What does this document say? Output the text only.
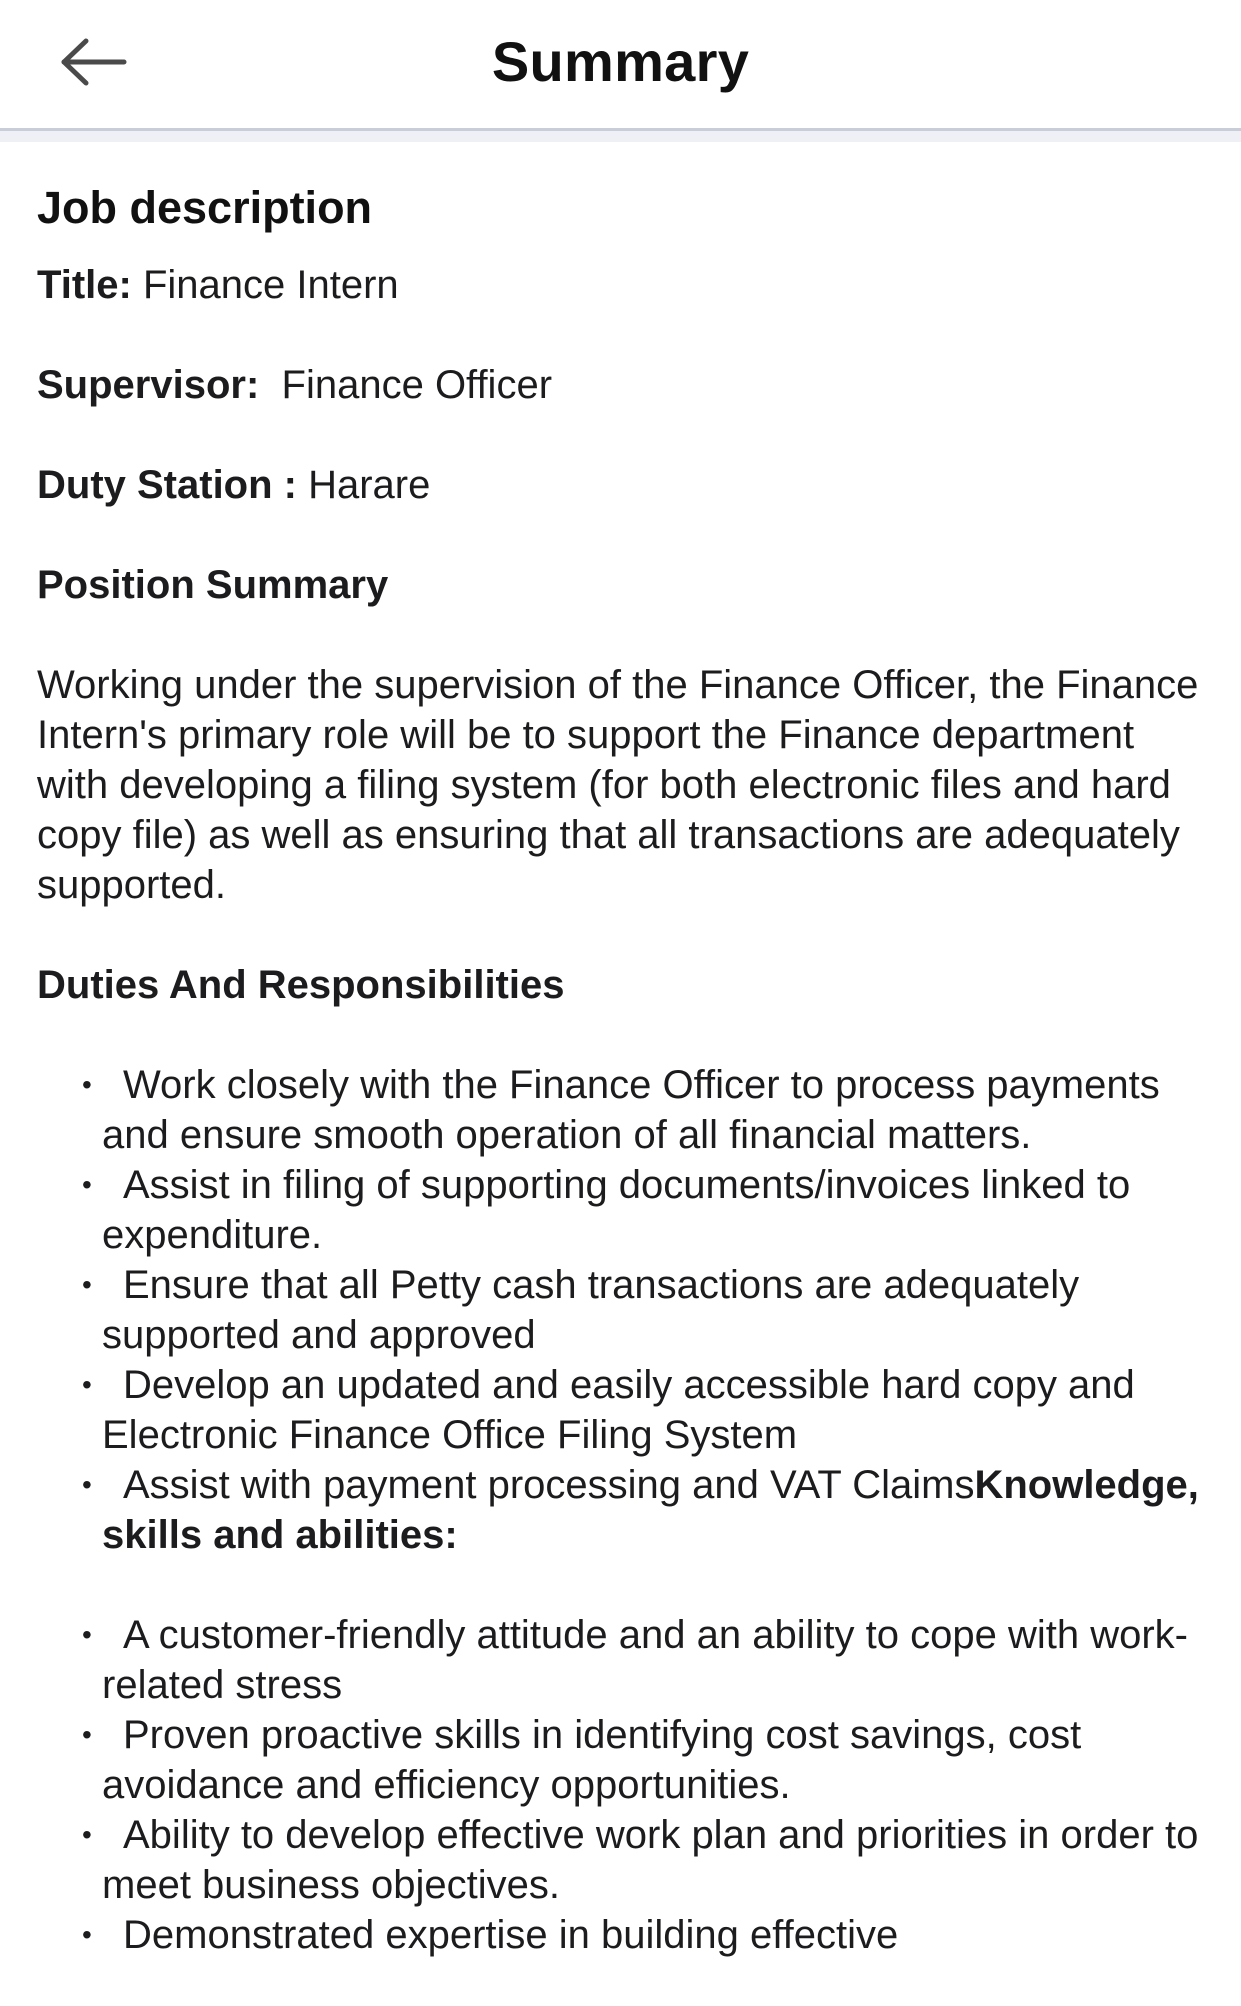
Summary
Job description

Title: Finance Intern

Supervisor:  Finance Officer

Duty Station : Harare

Position Summary

Working under the supervision of the Finance Officer, the Finance Intern's primary role will be to support the Finance department with developing a filing system (for both electronic files and hard copy file) as well as ensuring that all transactions are adequately supported.

Duties And Responsibilities

• Work closely with the Finance Officer to process payments and ensure smooth operation of all financial matters.
• Assist in filing of supporting documents/invoices linked to expenditure.
• Ensure that all Petty cash transactions are adequately supported and approved
• Develop an updated and easily accessible hard copy and Electronic Finance Office Filing System
• Assist with payment processing and VAT ClaimsKnowledge, skills and abilities:
• A customer-friendly attitude and an ability to cope with work-related stress
• Proven proactive skills in identifying cost savings, cost avoidance and efficiency opportunities.
• Ability to develop effective work plan and priorities in order to meet business objectives.
• Demonstrated expertise in building effective
